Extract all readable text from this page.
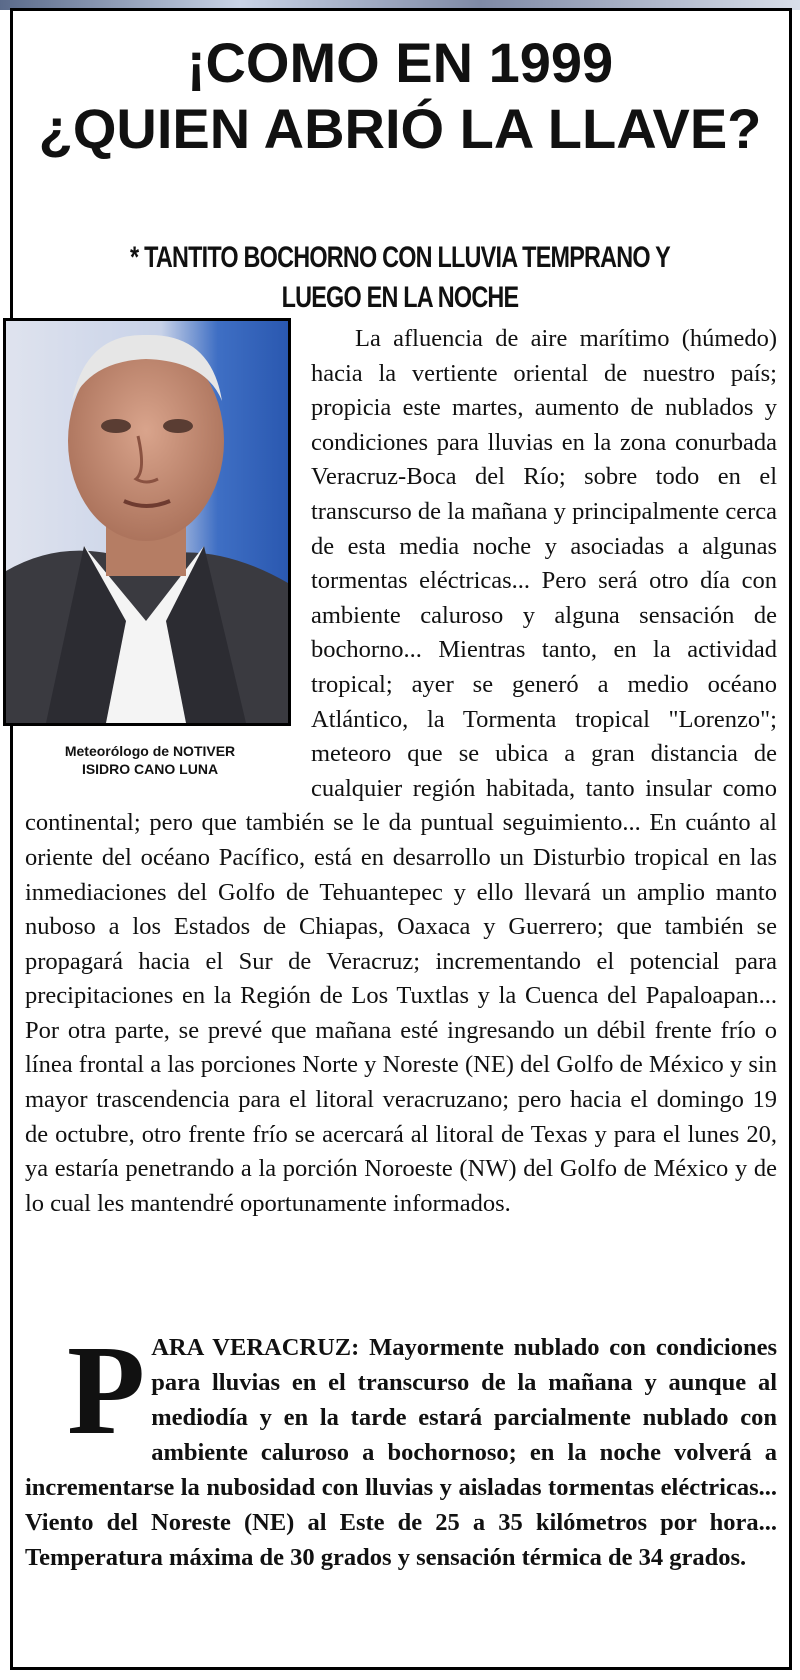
¡COMO EN 1999
¿QUIEN ABRIÓ LA LLAVE?
* TANTITO BOCHORNO CON LLUVIA TEMPRANO Y LUEGO EN LA NOCHE
Meteorólogo de NOTIVER
ISIDRO CANO LUNA
La afluencia de aire marítimo (húmedo) hacia la vertiente oriental de nuestro país; propicia este martes, aumento de nublados y condiciones para lluvias en la zona conurbada Veracruz-Boca del Río; sobre todo en el transcurso de la mañana y principalmente cerca de esta media noche y asociadas a algunas tormentas eléctricas... Pero será otro día con ambiente caluroso y alguna sensación de bochorno... Mientras tanto, en la actividad tropical; ayer se generó a medio océano Atlántico, la Tormenta tropical "Lorenzo"; meteoro que se ubica a gran distancia de cualquier región habitada, tanto insular como continental; pero que también se le da puntual seguimiento... En cuánto al oriente del océano Pacífico, está en desarrollo un Disturbio tropical en las inmediaciones del Golfo de Tehuantepec y ello llevará un amplio manto nuboso a los Estados de Chiapas, Oaxaca y Guerrero; que también se propagará hacia el Sur de Veracruz; incrementando el potencial para precipitaciones en la Región de Los Tuxtlas y la Cuenca del Papaloapan... Por otra parte, se prevé que mañana esté ingresando un débil frente frío o línea frontal a las porciones Norte y Noreste (NE) del Golfo de México y sin mayor trascendencia para el litoral veracruzano; pero hacia el domingo 19 de octubre, otro frente frío se acercará al litoral de Texas y para el lunes 20, ya estaría penetrando a la porción Noroeste (NW) del Golfo de México y de lo cual les mantendré oportunamente informados.
PARA VERACRUZ: Mayormente nublado con condiciones para lluvias en el transcurso de la mañana y aunque al mediodía y en la tarde estará parcialmente nublado con ambiente caluroso a bochornoso; en la noche volverá a incrementarse la nubosidad con lluvias y aisladas tormentas eléctricas... Viento del Noreste (NE) al Este de 25 a 35 kilómetros por hora... Temperatura máxima de 30 grados y sensación térmica de 34 grados.
